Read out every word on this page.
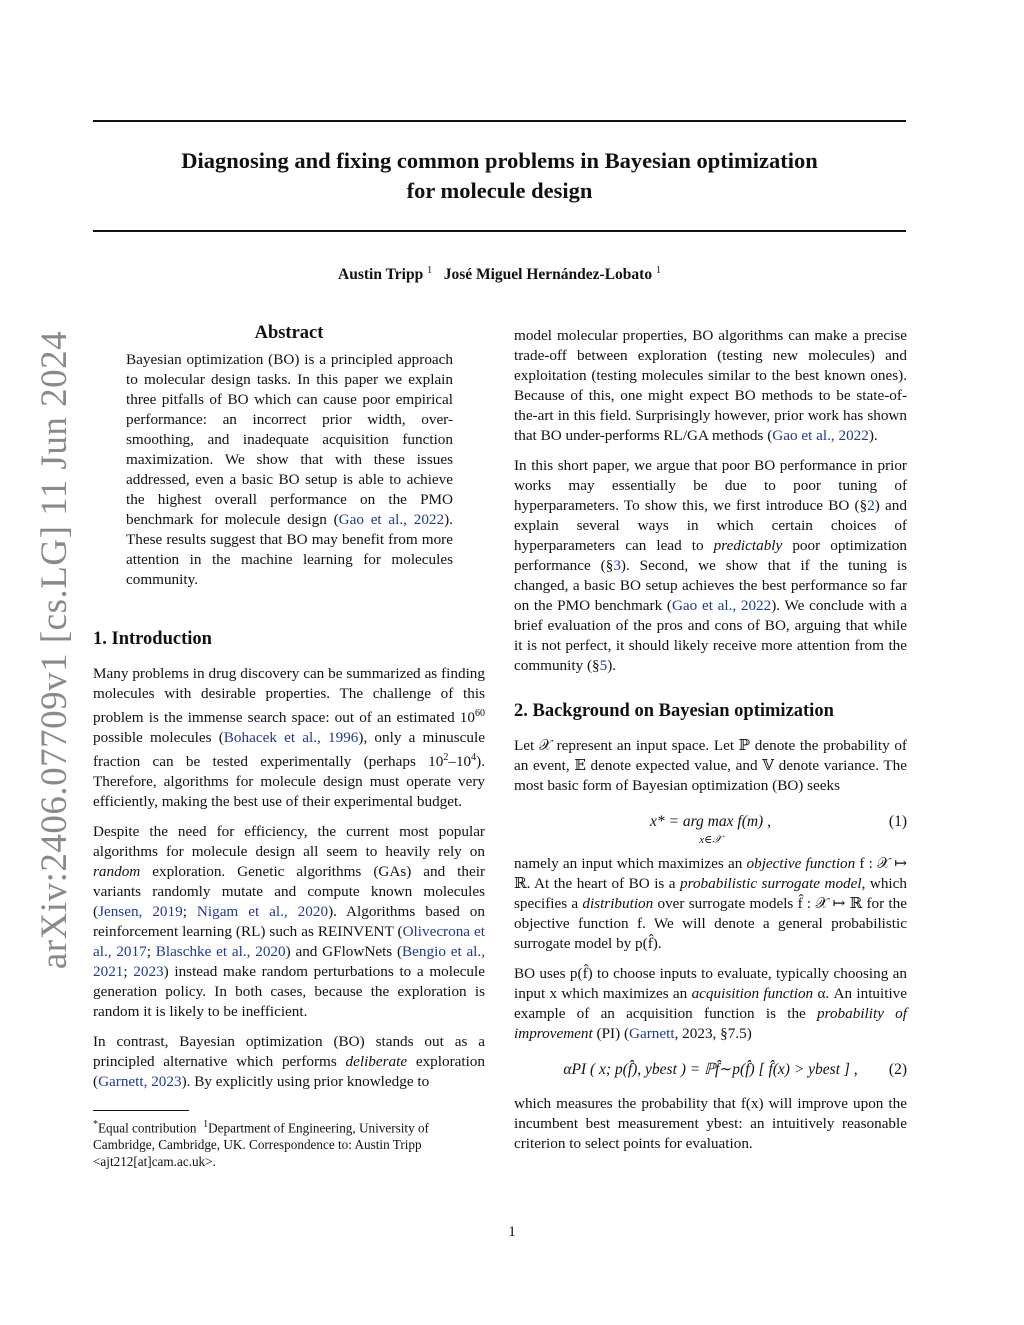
arXiv:2406.07709v1 [cs.LG] 11 Jun 2024
Diagnosing and fixing common problems in Bayesian optimization
for molecule design
Austin Tripp $^1$ José Miguel Hernández-Lobato $^1$
Abstract

Bayesian optimization (BO) is a principled approach to molecular design tasks. In this paper we explain three pitfalls of BO which can cause poor empirical performance: an incorrect prior width, over-smoothing, and inadequate acquisition function maximization. We show that with these issues addressed, even a basic BO setup is able to achieve the highest overall performance on the PMO benchmark for molecule design (Gao et al., 2022). These results suggest that BO may benefit from more attention in the machine learning for molecules community.

1. Introduction

Many problems in drug discovery can be summarized as finding molecules with desirable properties. The challenge of this problem is the immense search space: out of an estimated $10^{60}$ possible molecules (Bohacek et al., 1996), only a minuscule fraction can be tested experimentally (perhaps $10^2-10^4$). Therefore, algorithms for molecule design must operate very efficiently, making the best use of their experimental budget.

Despite the need for efficiency, the current most popular algorithms for molecule design all seem to heavily rely on random exploration. Genetic algorithms (GAs) and their variants randomly mutate and compute known molecules (Jensen, 2019; Nigam et al., 2020). Algorithms based on reinforcement learning (RL) such as REINVENT (Olivecrona et al., 2017; Blaschke et al., 2020) and GFlowNets (Bengio et al., 2021; 2023) instead make random perturbations to a molecule generation policy. In both cases, because the exploration is random it is likely to be inefficient.

In contrast, Bayesian optimization (BO) stands out as a principled alternative which performs deliberate exploration (Garnett, 2023). By explicitly using prior knowledge to

*Equal contribution $^1$Department of Engineering, University of Cambridge, Cambridge, UK. Correspondence to: Austin Tripp <ajt212[at]cam.ac.uk>.

model molecular properties, BO algorithms can make a precise trade-off between exploration (testing new molecules) and exploitation (testing molecules similar to the best known ones). Because of this, one might expect BO methods to be state-of-the-art in this field. Surprisingly however, prior work has shown that BO under-performs RL/GA methods (Gao et al., 2022).

In this short paper, we argue that poor BO performance in prior works may essentially be due to poor tuning of hyperparameters. To show this, we first introduce BO (§2) and explain several ways in which certain choices of hyperparameters can lead to predictably poor optimization performance (§3). Second, we show that if the tuning is changed, a basic BO setup achieves the best performance so far on the PMO benchmark (Gao et al., 2022). We conclude with a brief evaluation of the pros and cons of BO, arguing that while it is not perfect, it should likely receive more attention from the community (§5).

2. Background on Bayesian optimization

Let 𝒳 represent an input space. Let ℙ denote the probability of an event, 𝔼 denote expected value, and 𝕍 denote variance. The most basic form of Bayesian optimization (BO) seeks

x* = arg max f(m) ,
x∈𝒳
(1)

namely an input which maximizes an objective function f : 𝒳 ↦ ℝ. At the heart of BO is a probabilistic surrogate model, which specifies a distribution over surrogate models f̂ : 𝒳 ↦ ℝ for the objective function f. We will denote a general probabilistic surrogate model by p(f̂).

BO uses p(f̂) to choose inputs to evaluate, typically choosing an input x which maximizes an acquisition function α. An intuitive example of an acquisition function is the probability of improvement (PI) (Garnett, 2023, §7.5)

αPI ( x; p(f̂), ybest ) = ℙf̂∼p(f̂) [ f̂(x) > ybest ] ,	(2)

which measures the probability that f(x) will improve upon the incumbent best measurement ybest: an intuitively reasonable criterion to select points for evaluation.

1
